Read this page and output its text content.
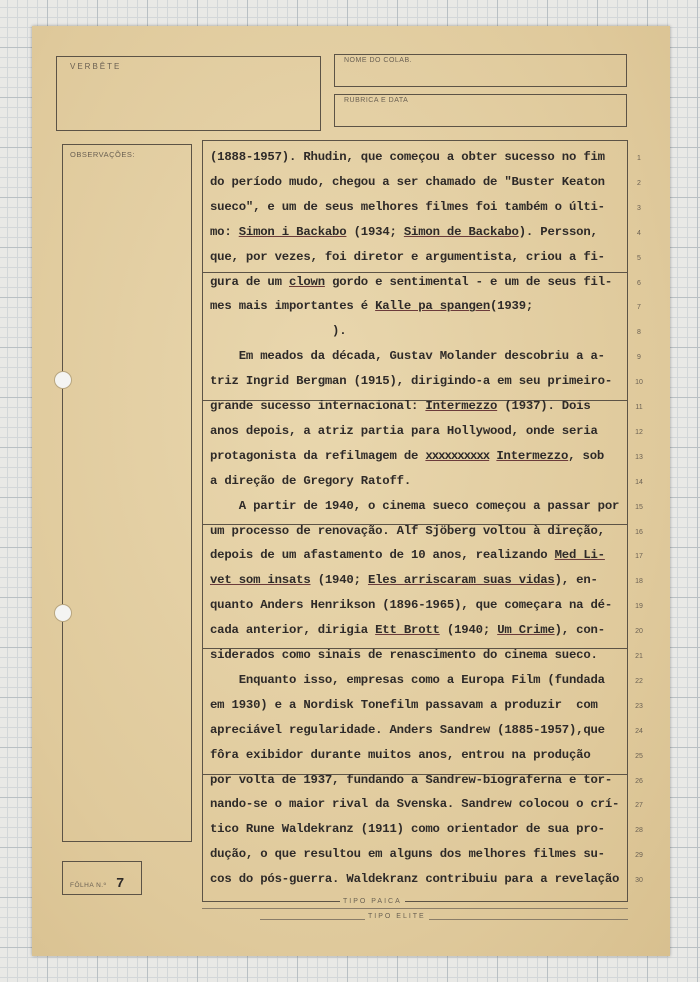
VERBÊTE
NOME DO COLAB.
RUBRICA E DATA
OBSERVAÇÕES:
FÔLHA N.º 7
TIPO PAICA
TIPO ELITE
(1888-1957). Rhudin, que começou a obter sucesso no fim
do período mudo, chegou a ser chamado de "Buster Keaton
sueco", e um de seus melhores filmes foi também o últi-
mo: Simon i Backabo (1934; Simon de Backabo). Persson,
que, por vezes, foi diretor e argumentista, criou a fi-
gura de um clown gordo e sentimental - e um de seus fil-
mes mais importantes é Kalle pa spangen(1939;
).
Em meados da década, Gustav Molander descobriu a a-
triz Ingrid Bergman (1915), dirigindo-a em seu primeiro-
grande sucesso internacional: Intermezzo (1937). Dois
anos depois, a atriz partia para Hollywood, onde seria
protagonista da refilmagem de xxxxxxxxxx Intermezzo, sob
a direção de Gregory Ratoff.
A partir de 1940, o cinema sueco começou a passar por
um processo de renovação. Alf Sjöberg voltou à direção,
depois de um afastamento de 10 anos, realizando Med Li-
vet som insats (1940; Eles arriscaram suas vidas), en-
quanto Anders Henrikson (1896-1965), que começara na dé-
cada anterior, dirigia Ett Brott (1940; Um Crime), con-
siderados como sinais de renascimento do cinema sueco.
Enquanto isso, empresas como a Europa Film (fundada
em 1930) e a Nordisk Tonefilm passavam a produzir  com
apreciável regularidade. Anders Sandrew (1885-1957),que
fôra exibidor durante muitos anos, entrou na produção
por volta de 1937, fundando a Sandrew-biograferna e tor-
nando-se o maior rival da Svenska. Sandrew colocou o crí-
tico Rune Waldekranz (1911) como orientador de sua pro-
dução, o que resultou em alguns dos melhores filmes su-
cos do pós-guerra. Waldekranz contribuiu para a revelação
1
2
3
4
5
6
7
8
9
10
11
12
13
14
15
16
17
18
19
20
21
22
23
24
25
26
27
28
29
30
